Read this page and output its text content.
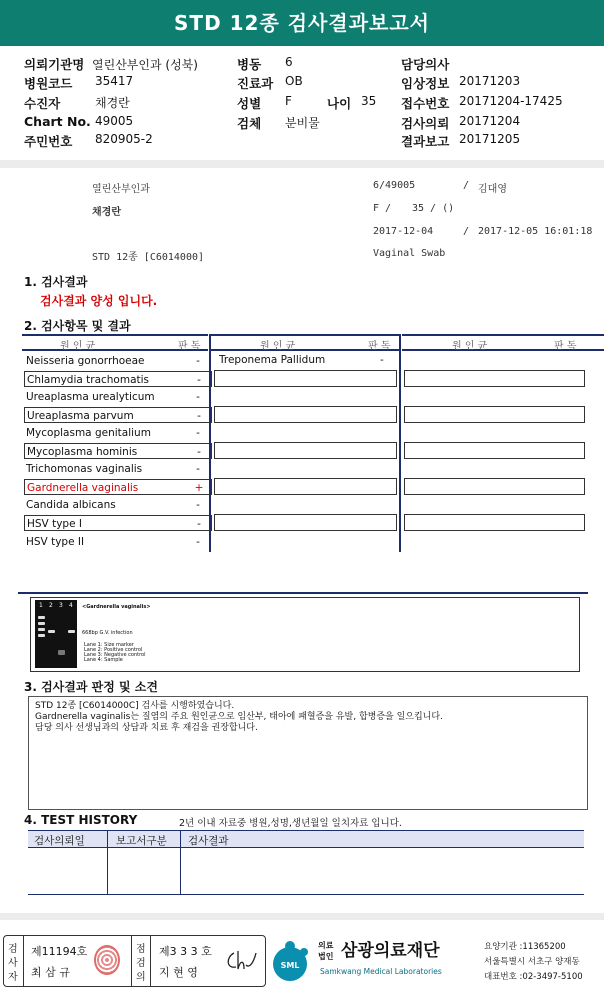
STD 12종 검사결과보고서
의뢰기관명 열린산부인과 (성북)
병원코드 35417
수진자	채경란
Chart No. 49005
주민번호 820905-2
병동 6
진료과 OB
성별 F	나이 35
검체 분비물
담당의사
임상정보 20171203
접수번호 20171204-17425
검사의뢰 20171204
결과보고 20171205
열린산부인과	6/49005	/ 김대영
채경란	F / 35 / ()
2017-12-04	/ 2017-12-05 16:01:18
STD 12종 [C6014000]	Vaginal Swab
1. 검사결과
검사결과 양성 입니다.
2. 검사항목 및 결과
원 인 균	판 독	원 인 균	판 독	원 인 균	판 독
Neisseria gonorrhoeae	-
Chlamydia trachomatis	-
Ureaplasma urealyticum	-
Ureaplasma parvum	-
Mycoplasma genitalium	-
Mycoplasma hominis	-
Trichomonas vaginalis	-
Gardnerella vaginalis	+
Candida albicans	-
HSV type I	-
HSV type II	-
Treponema Pallidum	-
1 2 3 4 <Gardnerella vaginalis>
668bp G.V. infection
Lane 1: Size marker
Lane 2: Positive control
Lane 3: Negative control
Lane 4: Sample
3. 검사결과 판정 및 소견
STD 12종 [C6014000C] 검사를 시행하였습니다.
Gardnerella vaginalis는 질염의 주요 원인균으로 임산부, 태아에 패혈증을 유발, 합병증을 일으킵니다.
담당 의사 선생님과의 상담과 치료 후 재검을 권장합니다.
4. TEST HISTORY	2년 이내 자료중 병원,성명,생년월일 일치자료 입니다.
검사의뢰일	보고서구분 검사결과
검
사
자
제11194호
최 삼 규
점
검
의
제3 3 3 호
지 현 영
SML
의료
법인 삼광의료재단
Samkwang Medical Laboratories
요양기관 :11365200
서울특별시 서초구 양재동
대표번호 :02-3497-5100
